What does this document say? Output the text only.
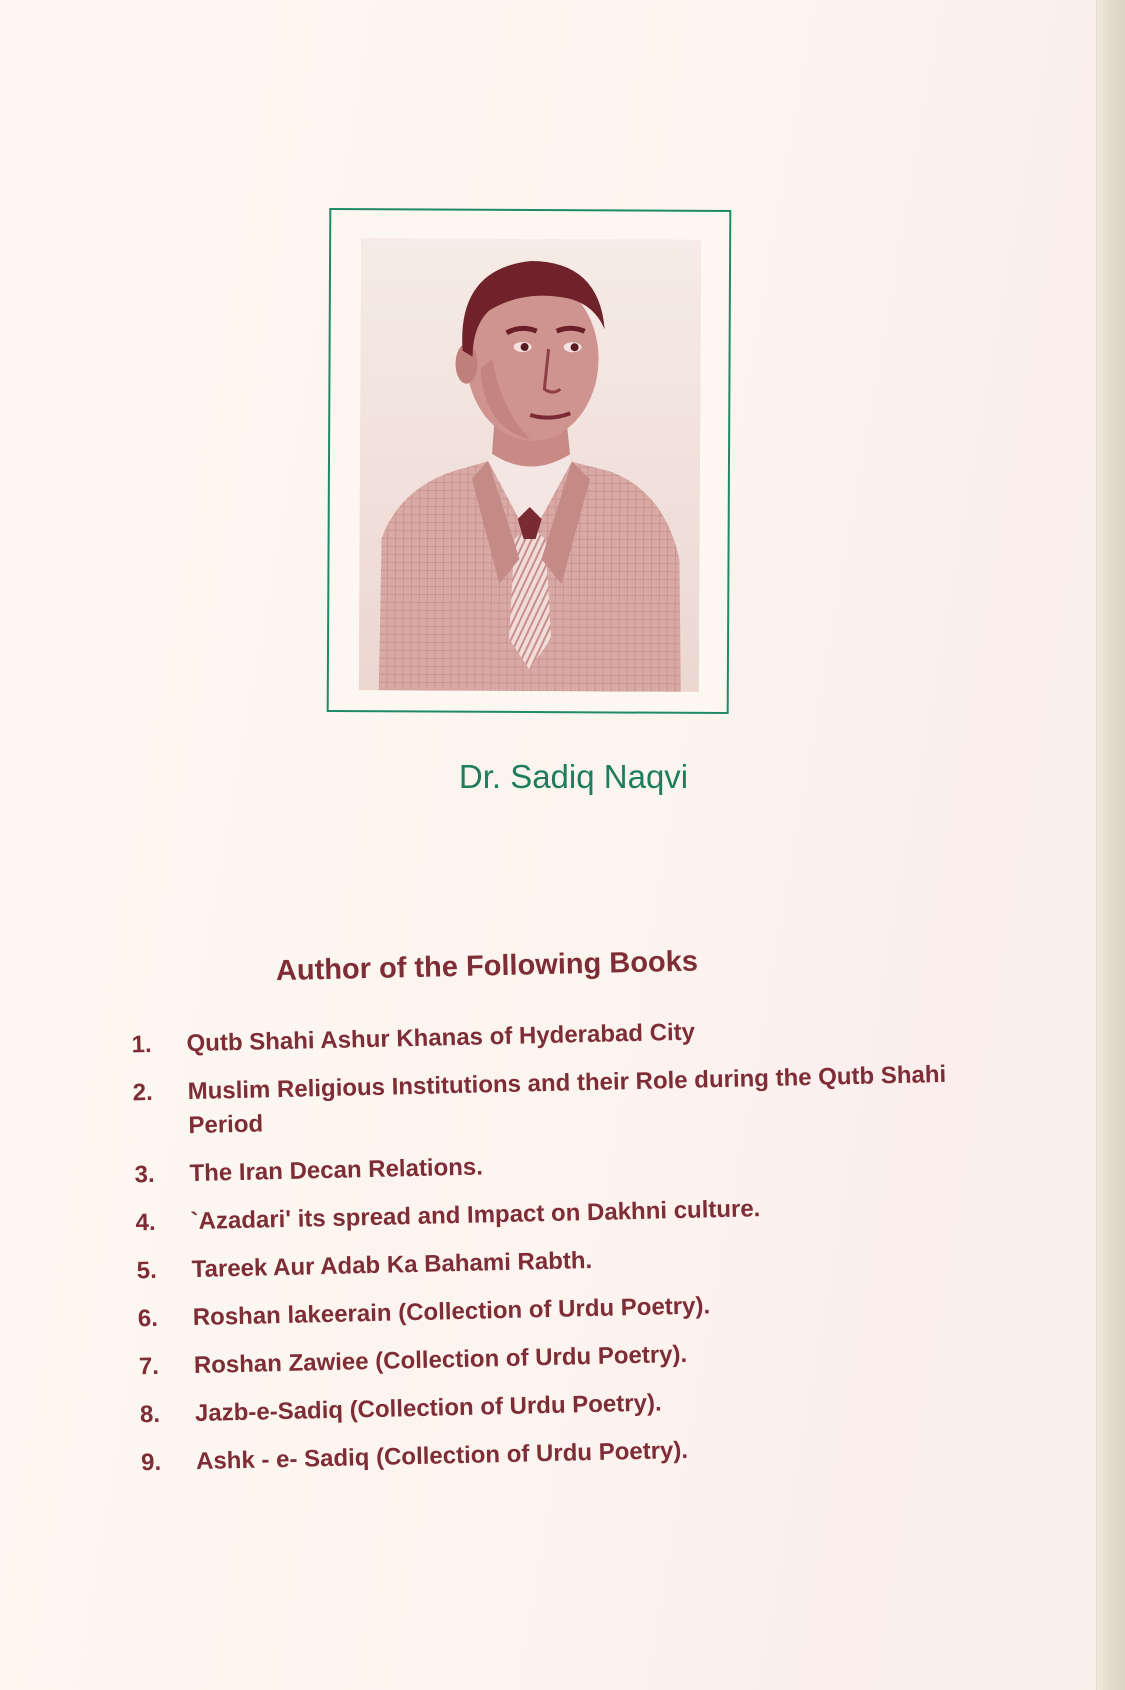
Dr. Sadiq Naqvi
Author of the Following Books
1.	Qutb Shahi Ashur Khanas of Hyderabad City
2.	Muslim Religious Institutions and their Role during the Qutb Shahi Period
3.	The Iran Decan Relations.
4.	`Azadari' its spread and Impact on Dakhni culture.
5.	Tareek Aur Adab Ka Bahami Rabth.
6.	Roshan lakeerain (Collection of Urdu Poetry).
7.	Roshan Zawiee (Collection of Urdu Poetry).
8.	Jazb-e-Sadiq (Collection of Urdu Poetry).
9.	Ashk - e- Sadiq (Collection of Urdu Poetry).
